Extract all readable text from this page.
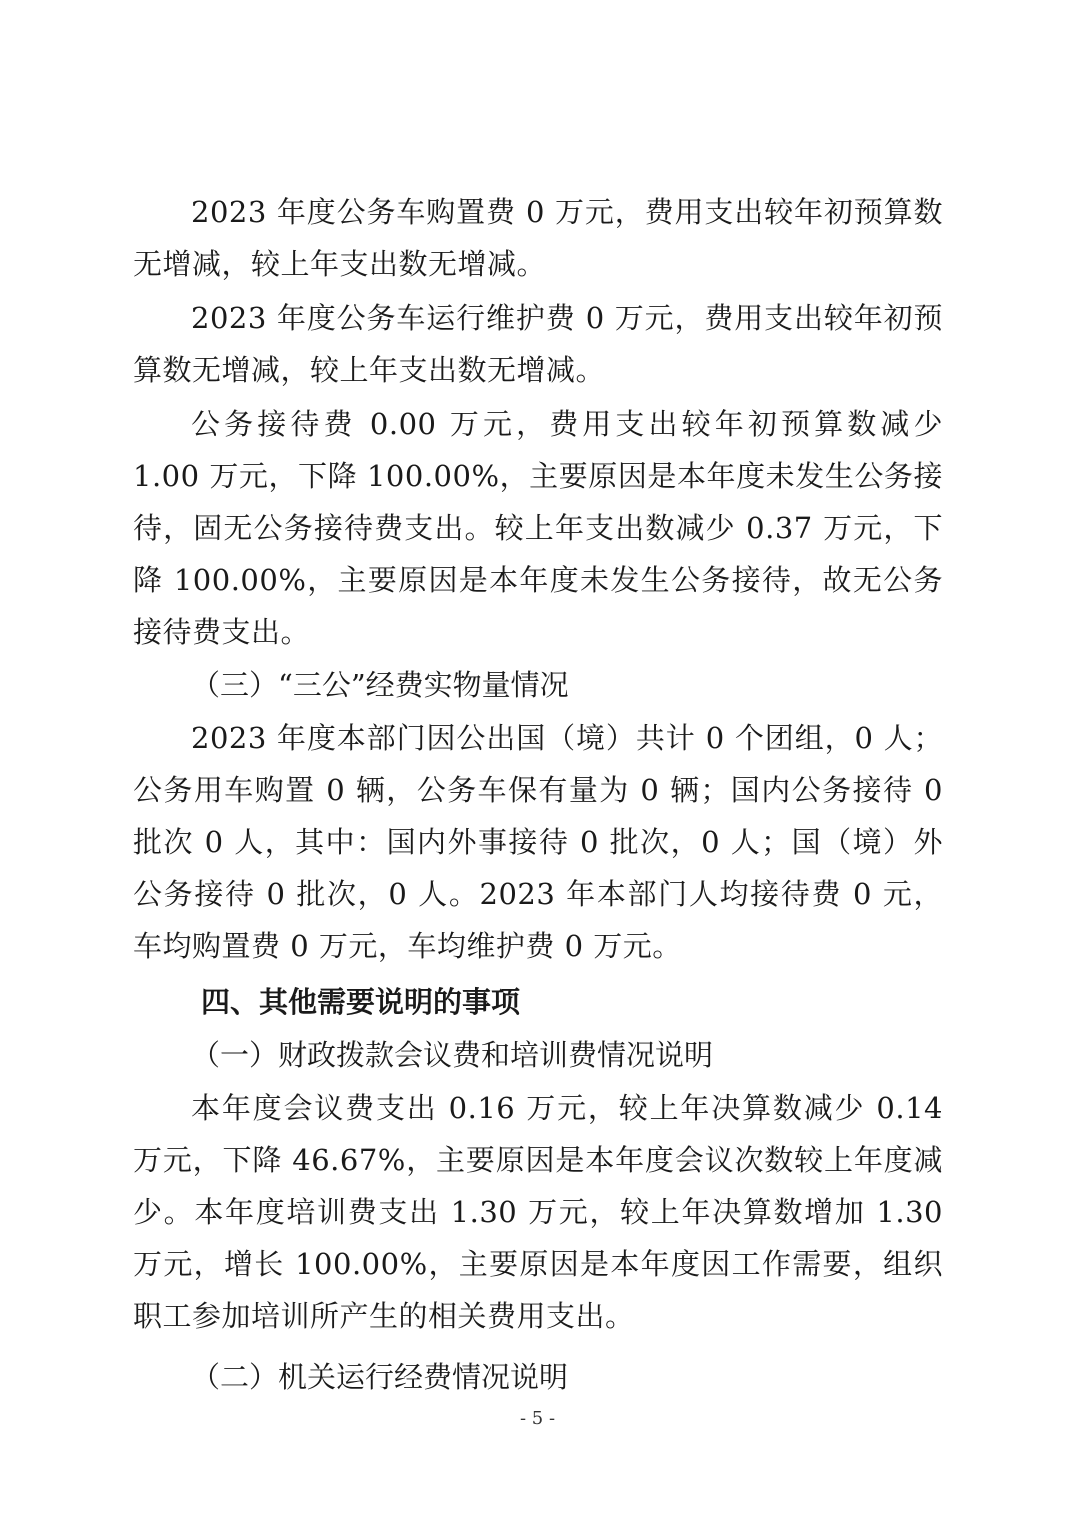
2023 年度公务车购置费 0 万元，费用支出较年初预算数无增减，较上年支出数无增减。

2023 年度公务车运行维护费 0 万元，费用支出较年初预算数无增减，较上年支出数无增减。

公务接待费 0.00 万元，费用支出较年初预算数减少 1.00 万元，下降 100.00%，主要原因是本年度未发生公务接待，固无公务接待费支出。较上年支出数减少 0.37 万元，下降 100.00%，主要原因是本年度未发生公务接待，故无公务接待费支出。

（三）“三公”经费实物量情况

2023 年度本部门因公出国（境）共计 0 个团组，0 人；公务用车购置 0 辆，公务车保有量为 0 辆；国内公务接待 0 批次 0 人，其中：国内外事接待 0 批次，0 人；国（境）外公务接待 0 批次，0 人。2023 年本部门人均接待费 0 元，车均购置费 0 万元，车均维护费 0 万元。

四、其他需要说明的事项

（一）财政拨款会议费和培训费情况说明

本年度会议费支出 0.16 万元，较上年决算数减少 0.14 万元，下降 46.67%，主要原因是本年度会议次数较上年度减少。本年度培训费支出 1.30 万元，较上年决算数增加 1.30 万元，增长 100.00%，主要原因是本年度因工作需要，组织职工参加培训所产生的相关费用支出。

（二）机关运行经费情况说明

- 5 -
